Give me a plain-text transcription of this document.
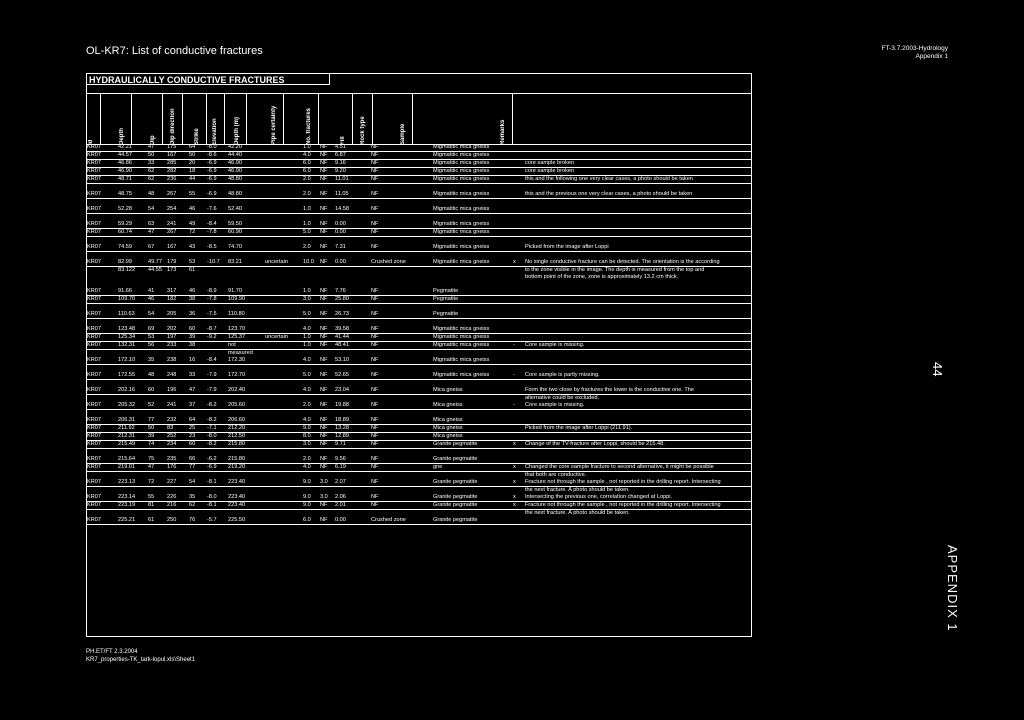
OL-KR7: List of conductive fractures	FT-3.7.2003-Hydrology
Appendix 1
HYDRAULICALLY CONDUCTIVE FRACTURES
Id	Depth	Dip	Dip direction	Strike	Elevation	Depth (m)	Pipe certainty	No. fractures	Fill	Rock type	Sample	Remarks
KR07	42.21	47	175	64	-8.0	42.20		1.0	NF	4.51	NF	Migmatitic mica gneiss		
KR07	44.57	50	167	50	-8.6	44.40		4.0	NF	6.87	NF	Migmatitic mica gneiss		
KR07	46.86	33	285	20	-6.9	46.90		6.0	NF	9.16	NF	Migmatitic mica gneiss		core sample broken
KR07	46.90	62	282	18	-6.9	46.90		6.0	NF	9.20	NF	Migmatitic mica gneiss		core sample broken
KR07	48.71	62	236	44	-6.9	48.80		2.0	NF	11.01	NF	Migmatitic mica gneiss		this and the following one very clear cases, a photo should be taken

KR07	48.75	48	267	55	-6.9	48.80		2.0	NF	11.05	NF	Migmatitic mica gneiss		this and the previous one very clear cases, a photo should be taken

KR07	52.28	54	254	46	-7.6	52.40		1.0	NF	14.58	NF	Migmatitic mica gneiss		

KR07	59.29	63	241	49	-8.4	59.50		1.0	NF	0.00	NF	Migmatitic mica gneiss		
KR07	60.74	47	267	72	-7.8	60.90		5.0	NF	0.00	NF	Migmatitic mica gneiss		

KR07	74.59	67	167	43	-8.5	74.70		2.0	NF	7.31	NF	Migmatitic mica gneiss		Picked from the image after Loppi

KR07	82.99	49.77	179	53	-10.7	83.21	uncertain	10.0	NF	0.00	Crushed zone	Migmatitic mica gneiss	x	No single conductive fracture can be detected. The orientation is the according
	83.122	44.55	173	61										to the zone visible in the image. The depth is measured from the top and
														bottom point of the zone, zone is approximately 13.2 cm thick.

KR07	91.66	41	317	46	-8.9	91.70		1.0	NF	7.76	NF	Pegmatite		
KR07	109.70	46	182	38	-7.8	109.90		3.0	NF	25.80	NF	Pegmatite		

KR07	110.63	54	205	36	-7.5	110.80		5.0	NF	26.73	NF	Pegmatite		

KR07	123.48	69	202	60	-8.7	123.70		4.0	NF	39.58	NF	Migmatitic mica gneiss		
KR07	125.34	53	197	39	-9.2	125.37	uncertain	1.0	NF	41.44	NF	Migmatitic mica gneiss		
KR07	132.31	56	233	38		not		1.0	NF	48.41	NF	Migmatitic mica gneiss	-	Core sample is missing.
						measured								
KR07	172.10	35	238	16	-8.4	172.30		4.0	NF	53.10	NF	Migmatitic mica gneiss		

KR07	172.55	48	248	33	-7.9	172.70		5.0	NF	52.65	NF	Migmatitic mica gneiss	-	Core sample is partly missing.

KR07	202.16	60	196	47	-7.9	202.40		4.0	NF	23.04	NF	Mica gneiss		Form the two close by fractures the lower is the conductive one. The
														alternative could be excluded.
KR07	205.32	52	241	37	-8.2	205.60		2.0	NF	19.88	NF	Mica gneiss	-	Core sample is missing.

KR07	206.31	77	232	64	-8.2	206.60		4.0	NF	18.89	NF	Mica gneiss		
KR07	211.92	50	83	25	-7.1	212.20		9.0	NF	13.28	NF	Mica gneiss		Picked from the image after Loppi (211.91).
KR07	212.31	39	252	23	-8.0	212.50		8.0	NF	12.89	NF	Mica gneiss		
KR07	215.49	74	234	60	-8.2	215.80		3.0	NF	9.71	NF	Granite pegmatite	x	Change of the TV-fracture after Loppi, should be 215.48.

KR07	215.64	75	235	66	-6.2	215.80		2.0	NF	9.56	NF	Granite pegmatite		
KR07	219.01	47	176	77	-6.9	219.20		4.0	NF	6.19	NF	gne	x	Changed the core sample fracture to second alternative, it might be possible
														that both are conductive.
KR07	223.13	72	227	54	-8.1	223.40		9.0	3.0	2.07	NF	Granite pegmatite	x	Fracture not through the sample , not reported in the drilling report. Intersecting
														the next fracture. A photo should be taken.
KR07	223.14	55	226	35	-8.0	223.40		9.0	3.0	2.06	NF	Granite pegmatite	x	Intersecting the previous one, correlation changed at Loppi.
KR07	223.19	81	216	62	-8.1	223.40		9.0	NF	2.01	NF	Granite pegmatite	x	Fracture not through the sample , not reported in the drilling report. Intersecting
														the next fracture. A photo should be taken.
KR07	225.21	61	250	76	-5.7	225.50		6.0	NF	0.00	Crushed zone	Granite pegmatite		
PH.ET/FT 2.3.2004
KR7_properties-TK_tark-lopul.xls\Sheet1
44
APPENDIX 1
